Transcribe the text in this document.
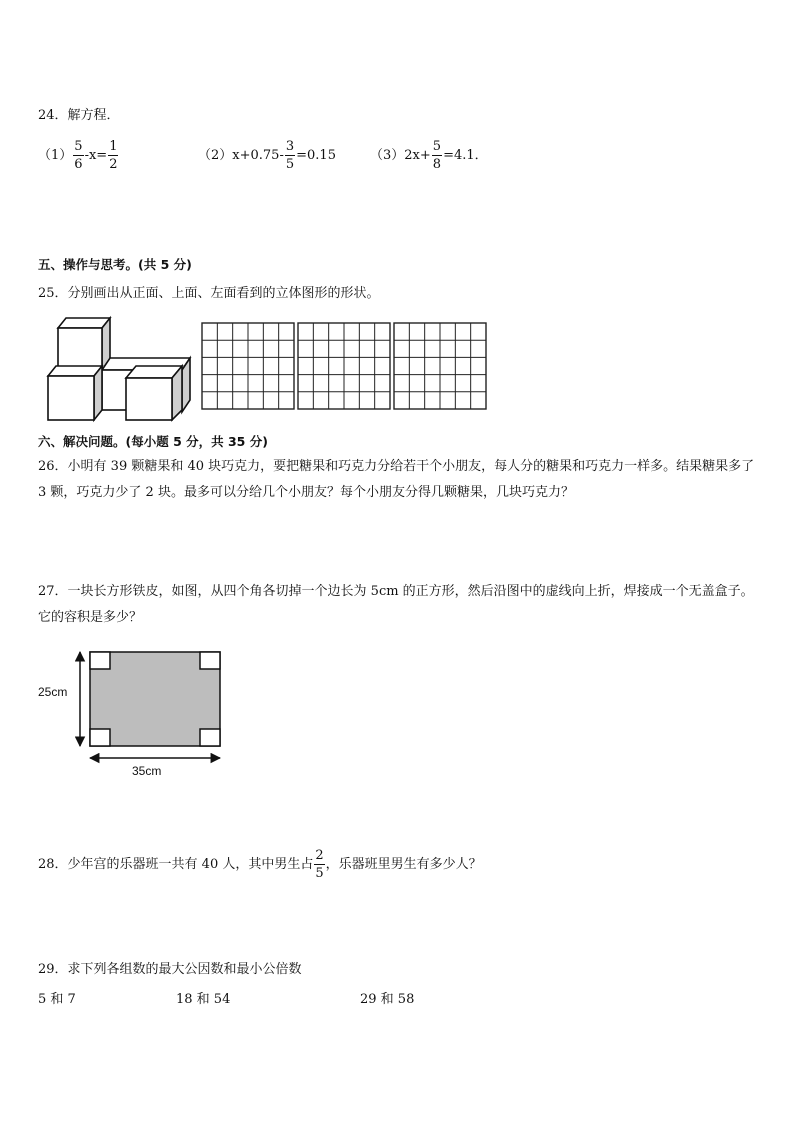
24．解方程．
$(1) \frac{5}{6} -x= \frac{1}{2}$	$(2)x+0.75- \frac{3}{5} =0.15$	$(3)2x+ \frac{5}{8} =4.1$．
五、操作与思考。(共 5 分)
25．分别画出从正面、上面、左面看到的立体图形的形状。
六、解决问题。(每小题 5 分，共 35 分)
26．小明有 39 颗糖果和 40 块巧克力，要把糖果和巧克力分给若干个小朋友，每人分的糖果和巧克力一样多。结果糖果多了 3 颗，巧克力少了 2 块。最多可以分给几个小朋友？每个小朋友分得几颗糖果，几块巧克力？
27．一块长方形铁皮，如图，从四个角各切掉一个边长为 5cm 的正方形，然后沿图中的虚线向上折，焊接成一个无盖盒子。它的容积是多少？
25cm
35cm
28．少年宫的乐器班一共有 40 人，其中男生占 $\frac{2}{5}$ ，乐器班里男生有多少人？
29．求下列各组数的最大公因数和最小公倍数
5 和 7	18 和 54	29 和 58
